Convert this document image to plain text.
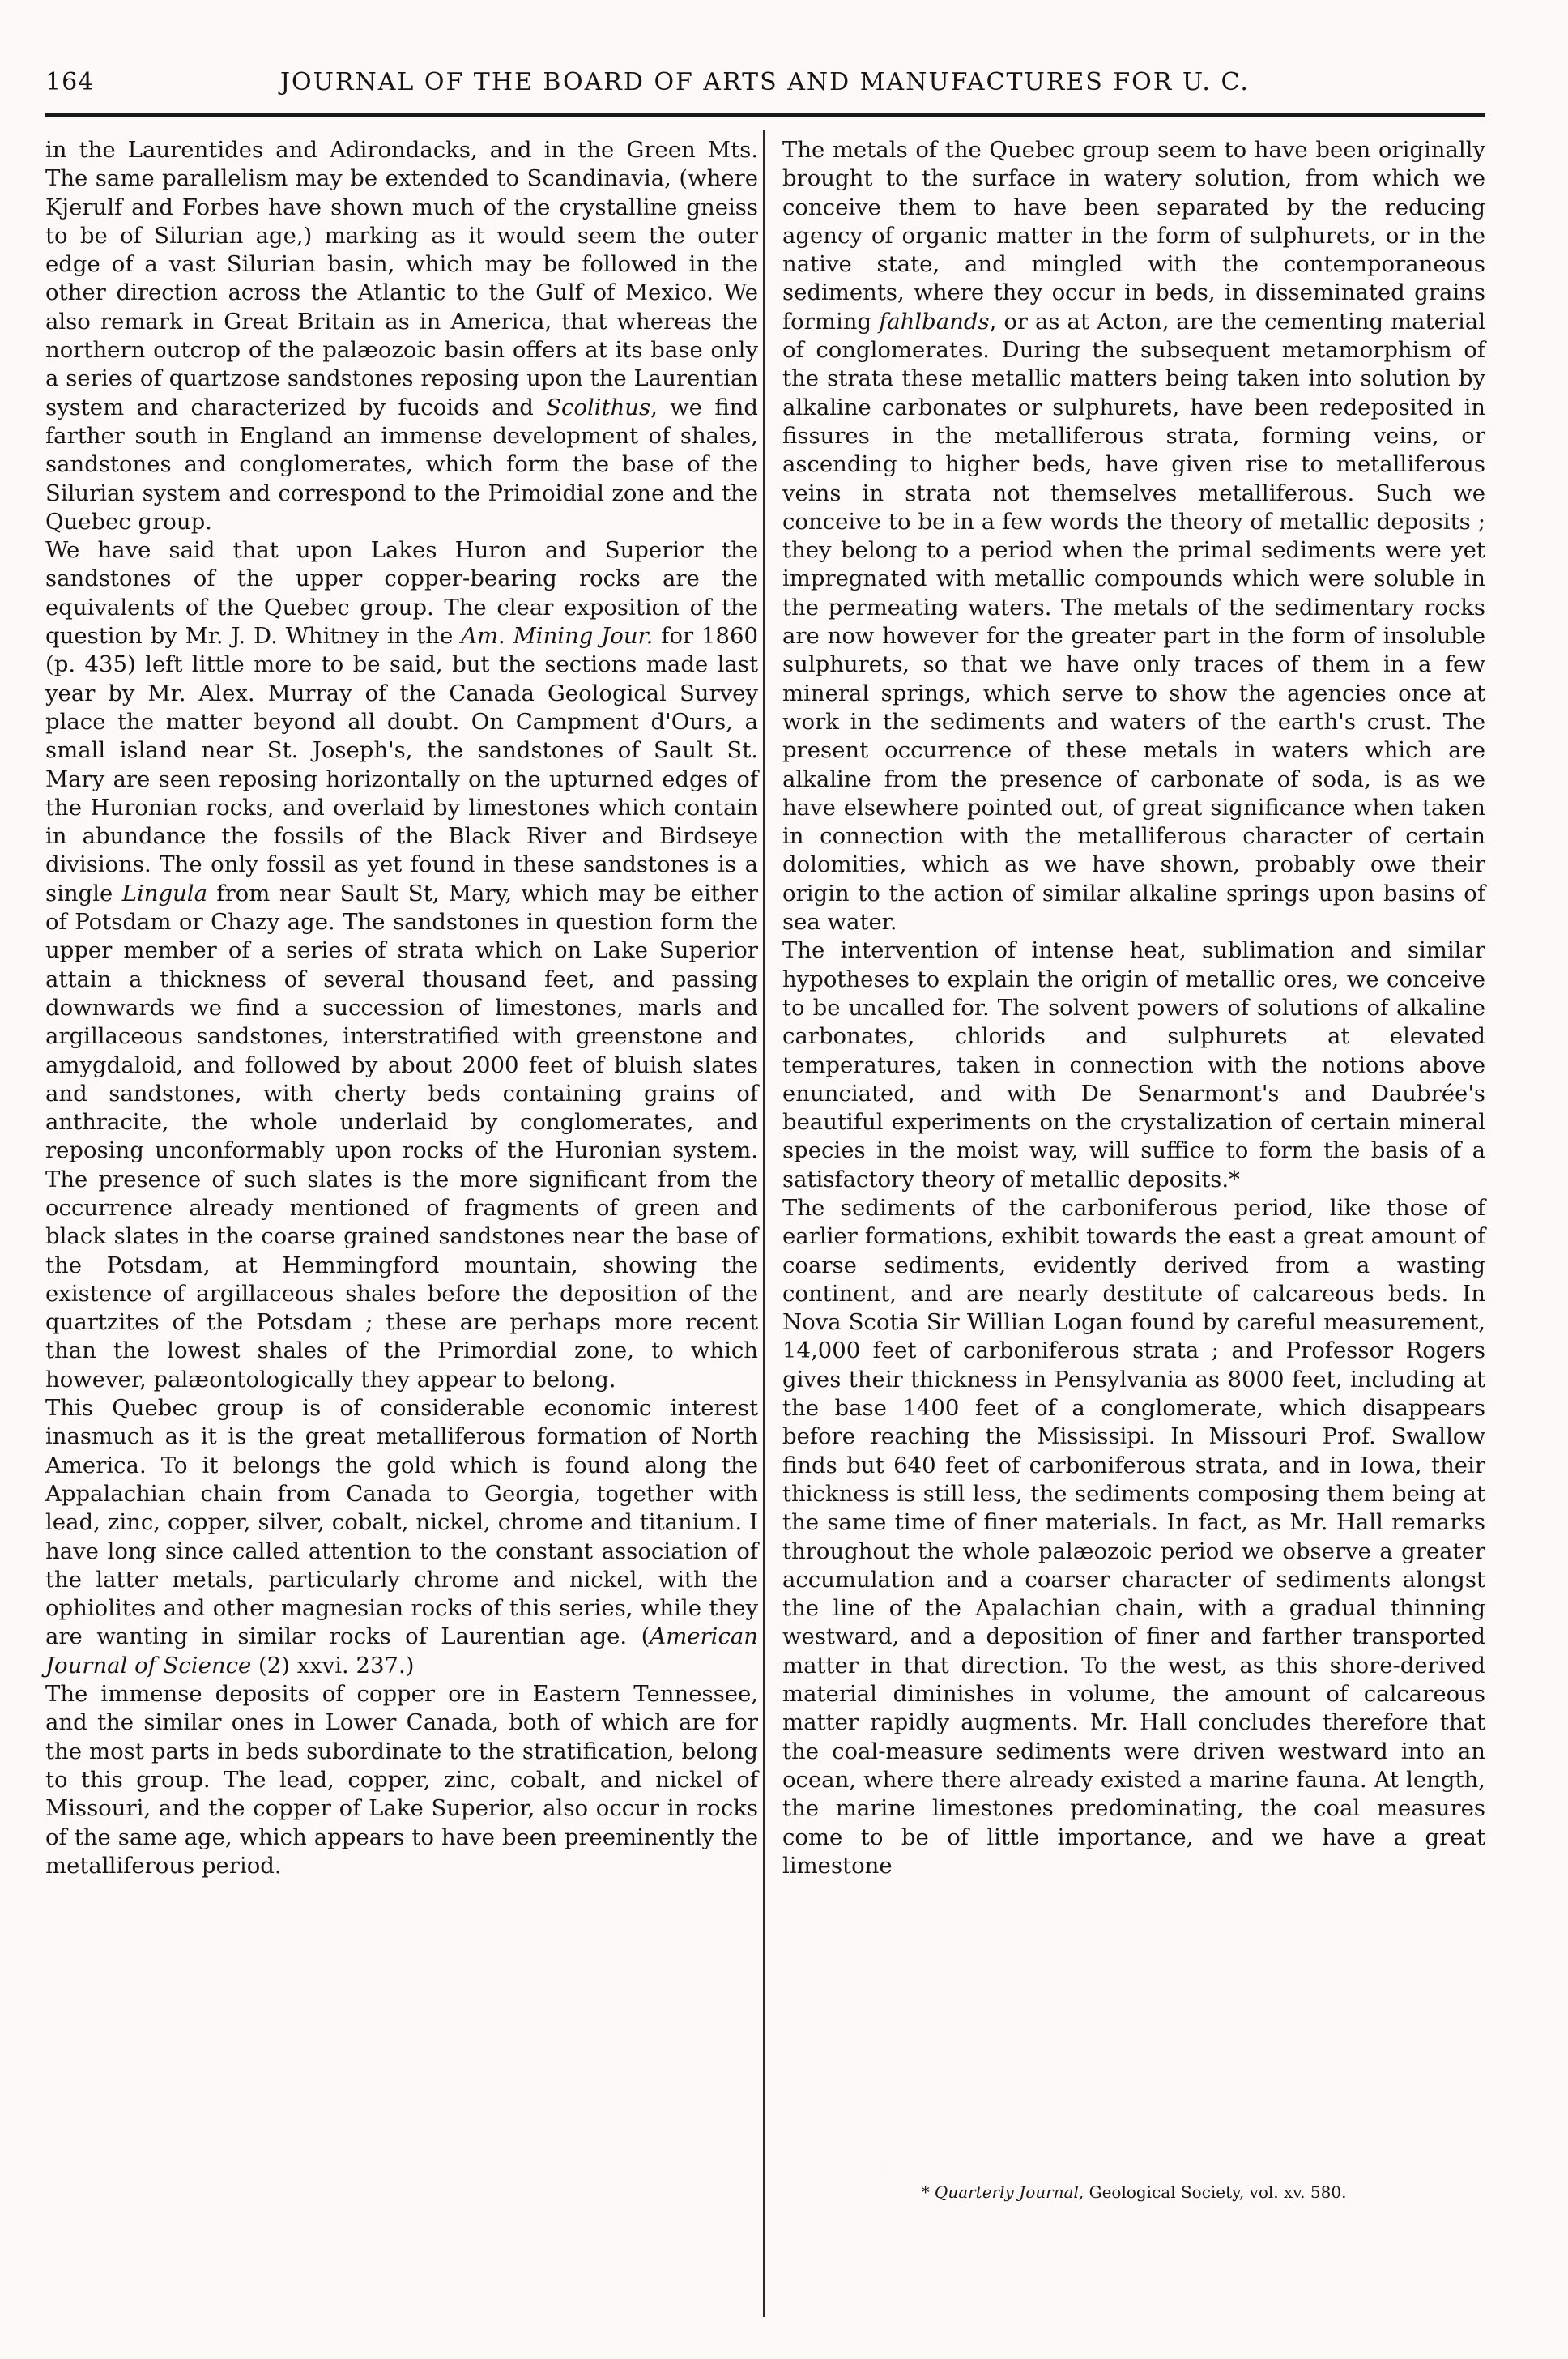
164	JOURNAL OF THE BOARD OF ARTS AND MANUFACTURES FOR U. C.

in the Laurentides and Adirondacks, and in the Green Mts. The same parallelism may be extended to Scandinavia, (where Kjerulf and Forbes have shown much of the crystalline gneiss to be of Silurian age,) marking as it would seem the outer edge of a vast Silurian basin, which may be followed in the other direction across the Atlantic to the Gulf of Mexico. We also remark in Great Britain as in America, that whereas the northern outcrop of the palæozoic basin offers at its base only a series of quartzose sandstones reposing upon the Laurentian system and characterized by fucoids and Scolithus, we find farther south in England an immense development of shales, sandstones and conglomerates, which form the base of the Silurian system and correspond to the Primoidial zone and the Quebec group.

We have said that upon Lakes Huron and Superior the sandstones of the upper copper-bearing rocks are the equivalents of the Quebec group. The clear exposition of the question by Mr. J. D. Whitney in the Am. Mining Jour. for 1860 (p. 435) left little more to be said, but the sections made last year by Mr. Alex. Murray of the Canada Geological Survey place the matter beyond all doubt. On Campment d'Ours, a small island near St. Joseph's, the sandstones of Sault St. Mary are seen reposing horizontally on the upturned edges of the Huronian rocks, and overlaid by limestones which contain in abundance the fossils of the Black River and Birdseye divisions. The only fossil as yet found in these sandstones is a single Lingula from near Sault St, Mary, which may be either of Potsdam or Chazy age. The sandstones in question form the upper member of a series of strata which on Lake Superior attain a thickness of several thousand feet, and passing downwards we find a succession of limestones, marls and argillaceous sandstones, interstratified with greenstone and amygdaloid, and followed by about 2000 feet of bluish slates and sandstones, with cherty beds containing grains of anthracite, the whole underlaid by conglomerates, and reposing unconformably upon rocks of the Huronian system. The presence of such slates is the more significant from the occurrence already mentioned of fragments of green and black slates in the coarse grained sandstones near the base of the Potsdam, at Hemmingford mountain, showing the existence of argillaceous shales before the deposition of the quartzites of the Potsdam ; these are perhaps more recent than the lowest shales of the Primordial zone, to which however, palæontologically they appear to belong.

This Quebec group is of considerable economic interest inasmuch as it is the great metalliferous formation of North America. To it belongs the gold which is found along the Appalachian chain from Canada to Georgia, together with lead, zinc, copper, silver, cobalt, nickel, chrome and titanium. I have long since called attention to the constant association of the latter metals, particularly chrome and nickel, with the ophiolites and other magnesian rocks of this series, while they are wanting in similar rocks of Laurentian age. (American Journal of Science (2) xxvi. 237.)

The immense deposits of copper ore in Eastern Tennessee, and the similar ones in Lower Canada, both of which are for the most parts in beds subordinate to the stratification, belong to this group. The lead, copper, zinc, cobalt, and nickel of Missouri, and the copper of Lake Superior, also occur in rocks of the same age, which appears to have been preeminently the metalliferous period.

The metals of the Quebec group seem to have been originally brought to the surface in watery solution, from which we conceive them to have been separated by the reducing agency of organic matter in the form of sulphurets, or in the native state, and mingled with the contemporaneous sediments, where they occur in beds, in disseminated grains forming fahlbands, or as at Acton, are the cementing material of conglomerates. During the subsequent metamorphism of the strata these metallic matters being taken into solution by alkaline carbonates or sulphurets, have been redeposited in fissures in the metalliferous strata, forming veins, or ascending to higher beds, have given rise to metalliferous veins in strata not themselves metalliferous. Such we conceive to be in a few words the theory of metallic deposits ; they belong to a period when the primal sediments were yet impregnated with metallic compounds which were soluble in the permeating waters. The metals of the sedimentary rocks are now however for the greater part in the form of insoluble sulphurets, so that we have only traces of them in a few mineral springs, which serve to show the agencies once at work in the sediments and waters of the earth's crust. The present occurrence of these metals in waters which are alkaline from the presence of carbonate of soda, is as we have elsewhere pointed out, of great significance when taken in connection with the metalliferous character of certain dolomities, which as we have shown, probably owe their origin to the action of similar alkaline springs upon basins of sea water.

The intervention of intense heat, sublimation and similar hypotheses to explain the origin of metallic ores, we conceive to be uncalled for. The solvent powers of solutions of alkaline carbonates, chlorids and sulphurets at elevated temperatures, taken in connection with the notions above enunciated, and with De Senarmont's and Daubrée's beautiful experiments on the crystalization of certain mineral species in the moist way, will suffice to form the basis of a satisfactory theory of metallic deposits.*

The sediments of the carboniferous period, like those of earlier formations, exhibit towards the east a great amount of coarse sediments, evidently derived from a wasting continent, and are nearly destitute of calcareous beds. In Nova Scotia Sir Willian Logan found by careful measurement, 14,000 feet of carboniferous strata ; and Professor Rogers gives their thickness in Pensylvania as 8000 feet, including at the base 1400 feet of a conglomerate, which disappears before reaching the Mississipi. In Missouri Prof. Swallow finds but 640 feet of carboniferous strata, and in Iowa, their thickness is still less, the sediments composing them being at the same time of finer materials. In fact, as Mr. Hall remarks throughout the whole palæozoic period we observe a greater accumulation and a coarser character of sediments alongst the line of the Apalachian chain, with a gradual thinning westward, and a deposition of finer and farther transported matter in that direction. To the west, as this shore-derived material diminishes in volume, the amount of calcareous matter rapidly augments. Mr. Hall concludes therefore that the coal-measure sediments were driven westward into an ocean, where there already existed a marine fauna. At length, the marine limestones predominating, the coal measures come to be of little importance, and we have a great limestone

* Quarterly Journal, Geological Society, vol. xv. 580.
